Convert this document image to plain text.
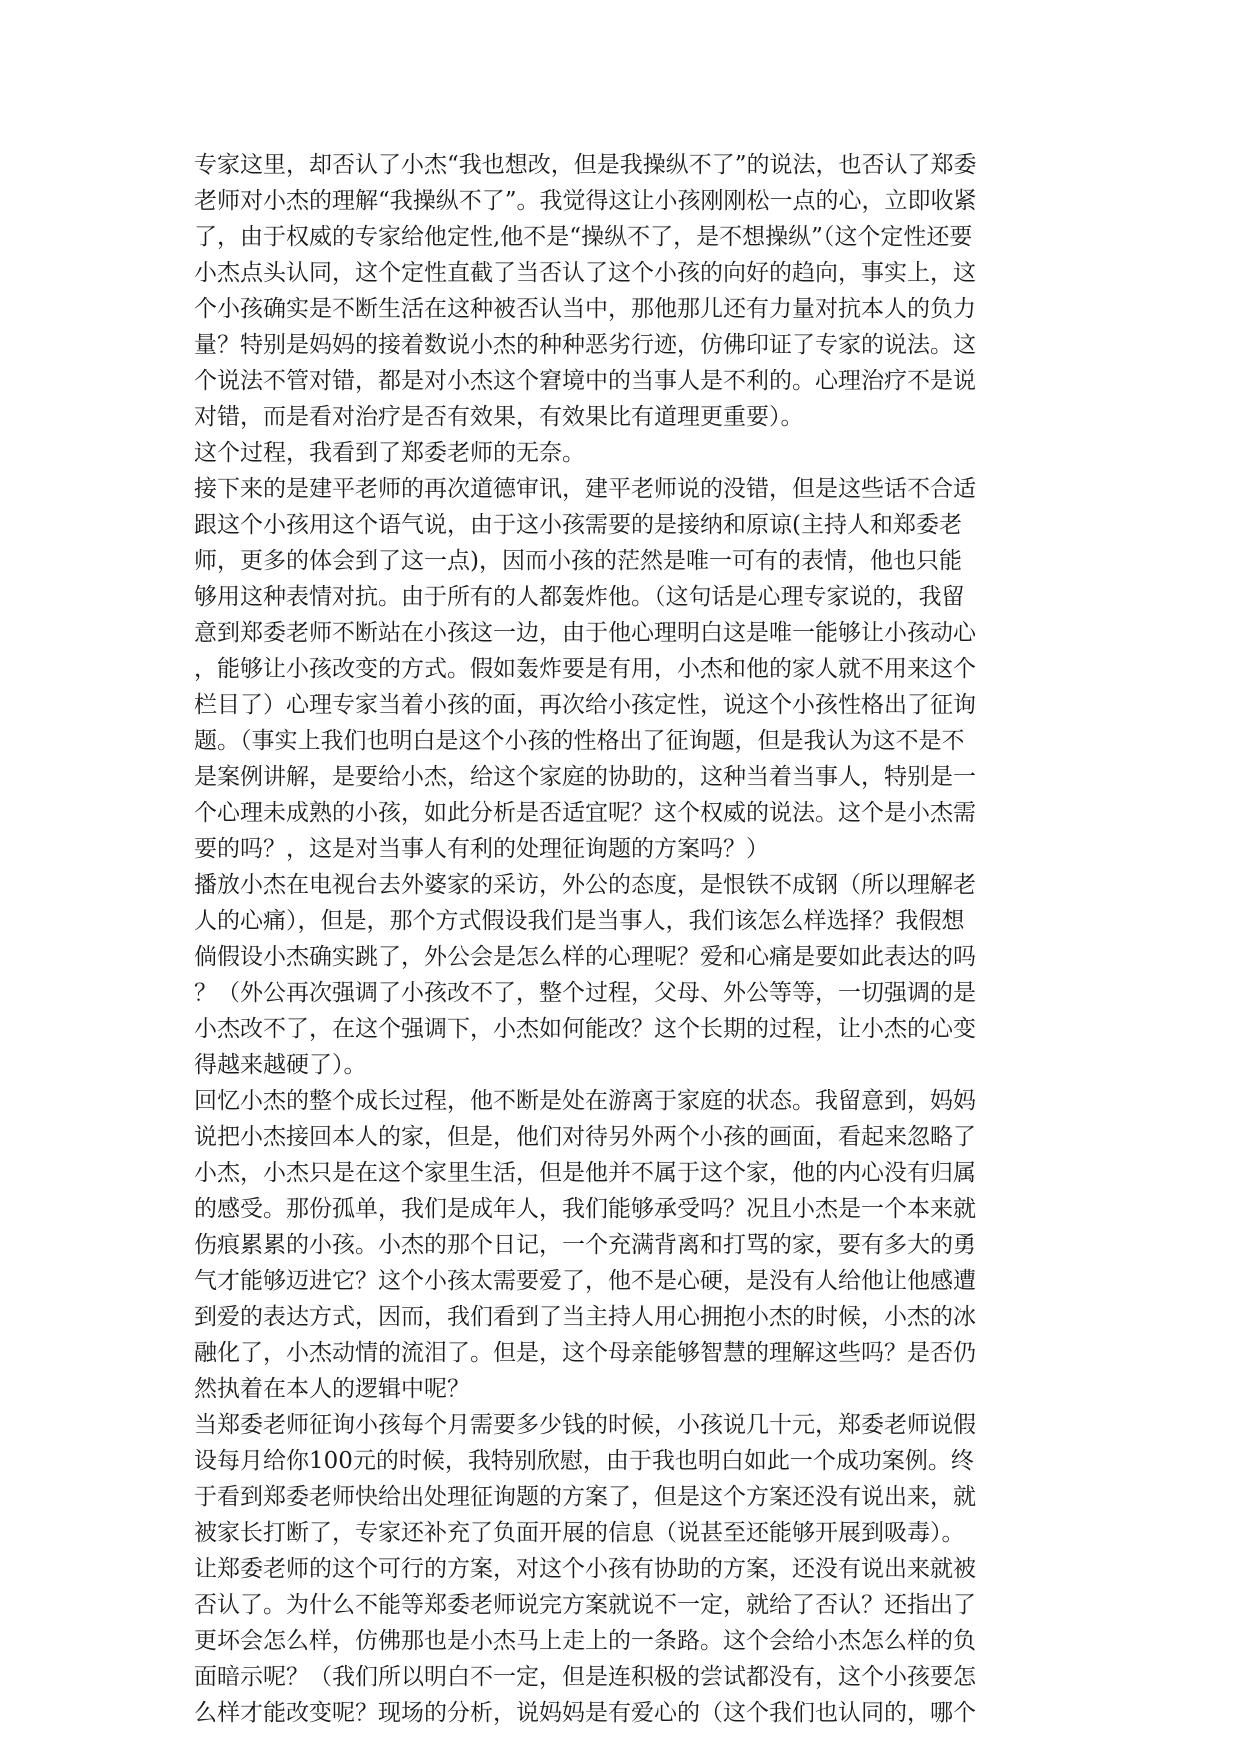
专家这里，却否认了小杰“我也想改，但是我操纵不了”的说法，也否认了郑委
老师对小杰的理解“我操纵不了”。我觉得这让小孩刚刚松一点的心，立即收紧
了，由于权威的专家给他定性,他不是“操纵不了，是不想操纵”（这个定性还要
小杰点头认同，这个定性直截了当否认了这个小孩的向好的趋向，事实上，这
个小孩确实是不断生活在这种被否认当中，那他那儿还有力量对抗本人的负力
量？特别是妈妈的接着数说小杰的种种恶劣行迹，仿佛印证了专家的说法。这
个说法不管对错，都是对小杰这个窘境中的当事人是不利的。心理治疗不是说
对错，而是看对治疗是否有效果，有效果比有道理更重要）。
这个过程，我看到了郑委老师的无奈。
接下来的是建平老师的再次道德审讯，建平老师说的没错，但是这些话不合适
跟这个小孩用这个语气说，由于这小孩需要的是接纳和原谅(主持人和郑委老
师，更多的体会到了这一点)，因而小孩的茫然是唯一可有的表情，他也只能
够用这种表情对抗。由于所有的人都轰炸他。（这句话是心理专家说的，我留
意到郑委老师不断站在小孩这一边，由于他心理明白这是唯一能够让小孩动心
，能够让小孩改变的方式。假如轰炸要是有用，小杰和他的家人就不用来这个
栏目了）心理专家当着小孩的面，再次给小孩定性，说这个小孩性格出了征询
题。（事实上我们也明白是这个小孩的性格出了征询题，但是我认为这不是不
是案例讲解，是要给小杰，给这个家庭的协助的，这种当着当事人，特别是一
个心理未成熟的小孩，如此分析是否适宜呢？这个权威的说法。这个是小杰需
要的吗？，这是对当事人有利的处理征询题的方案吗？）
播放小杰在电视台去外婆家的采访，外公的态度，是恨铁不成钢（所以理解老
人的心痛），但是，那个方式假设我们是当事人，我们该怎么样选择？我假想
倘假设小杰确实跳了，外公会是怎么样的心理呢？爱和心痛是要如此表达的吗
？（外公再次强调了小孩改不了，整个过程，父母、外公等等，一切强调的是
小杰改不了，在这个强调下，小杰如何能改？这个长期的过程，让小杰的心变
得越来越硬了）。
回忆小杰的整个成长过程，他不断是处在游离于家庭的状态。我留意到，妈妈
说把小杰接回本人的家，但是，他们对待另外两个小孩的画面，看起来忽略了
小杰，小杰只是在这个家里生活，但是他并不属于这个家，他的内心没有归属
的感受。那份孤单，我们是成年人，我们能够承受吗？况且小杰是一个本来就
伤痕累累的小孩。小杰的那个日记，一个充满背离和打骂的家，要有多大的勇
气才能够迈进它？这个小孩太需要爱了，他不是心硬，是没有人给他让他感遭
到爱的表达方式，因而，我们看到了当主持人用心拥抱小杰的时候，小杰的冰
融化了，小杰动情的流泪了。但是，这个母亲能够智慧的理解这些吗？是否仍
然执着在本人的逻辑中呢？
当郑委老师征询小孩每个月需要多少钱的时候，小孩说几十元，郑委老师说假
设每月给你100元的时候，我特别欣慰，由于我也明白如此一个成功案例。终
于看到郑委老师快给出处理征询题的方案了，但是这个方案还没有说出来，就
被家长打断了，专家还补充了负面开展的信息（说甚至还能够开展到吸毒）。
让郑委老师的这个可行的方案，对这个小孩有协助的方案，还没有说出来就被
否认了。为什么不能等郑委老师说完方案就说不一定，就给了否认？还指出了
更坏会怎么样，仿佛那也是小杰马上走上的一条路。这个会给小杰怎么样的负
面暗示呢？（我们所以明白不一定，但是连积极的尝试都没有，这个小孩要怎
么样才能改变呢？现场的分析，说妈妈是有爱心的（这个我们也认同的，哪个
